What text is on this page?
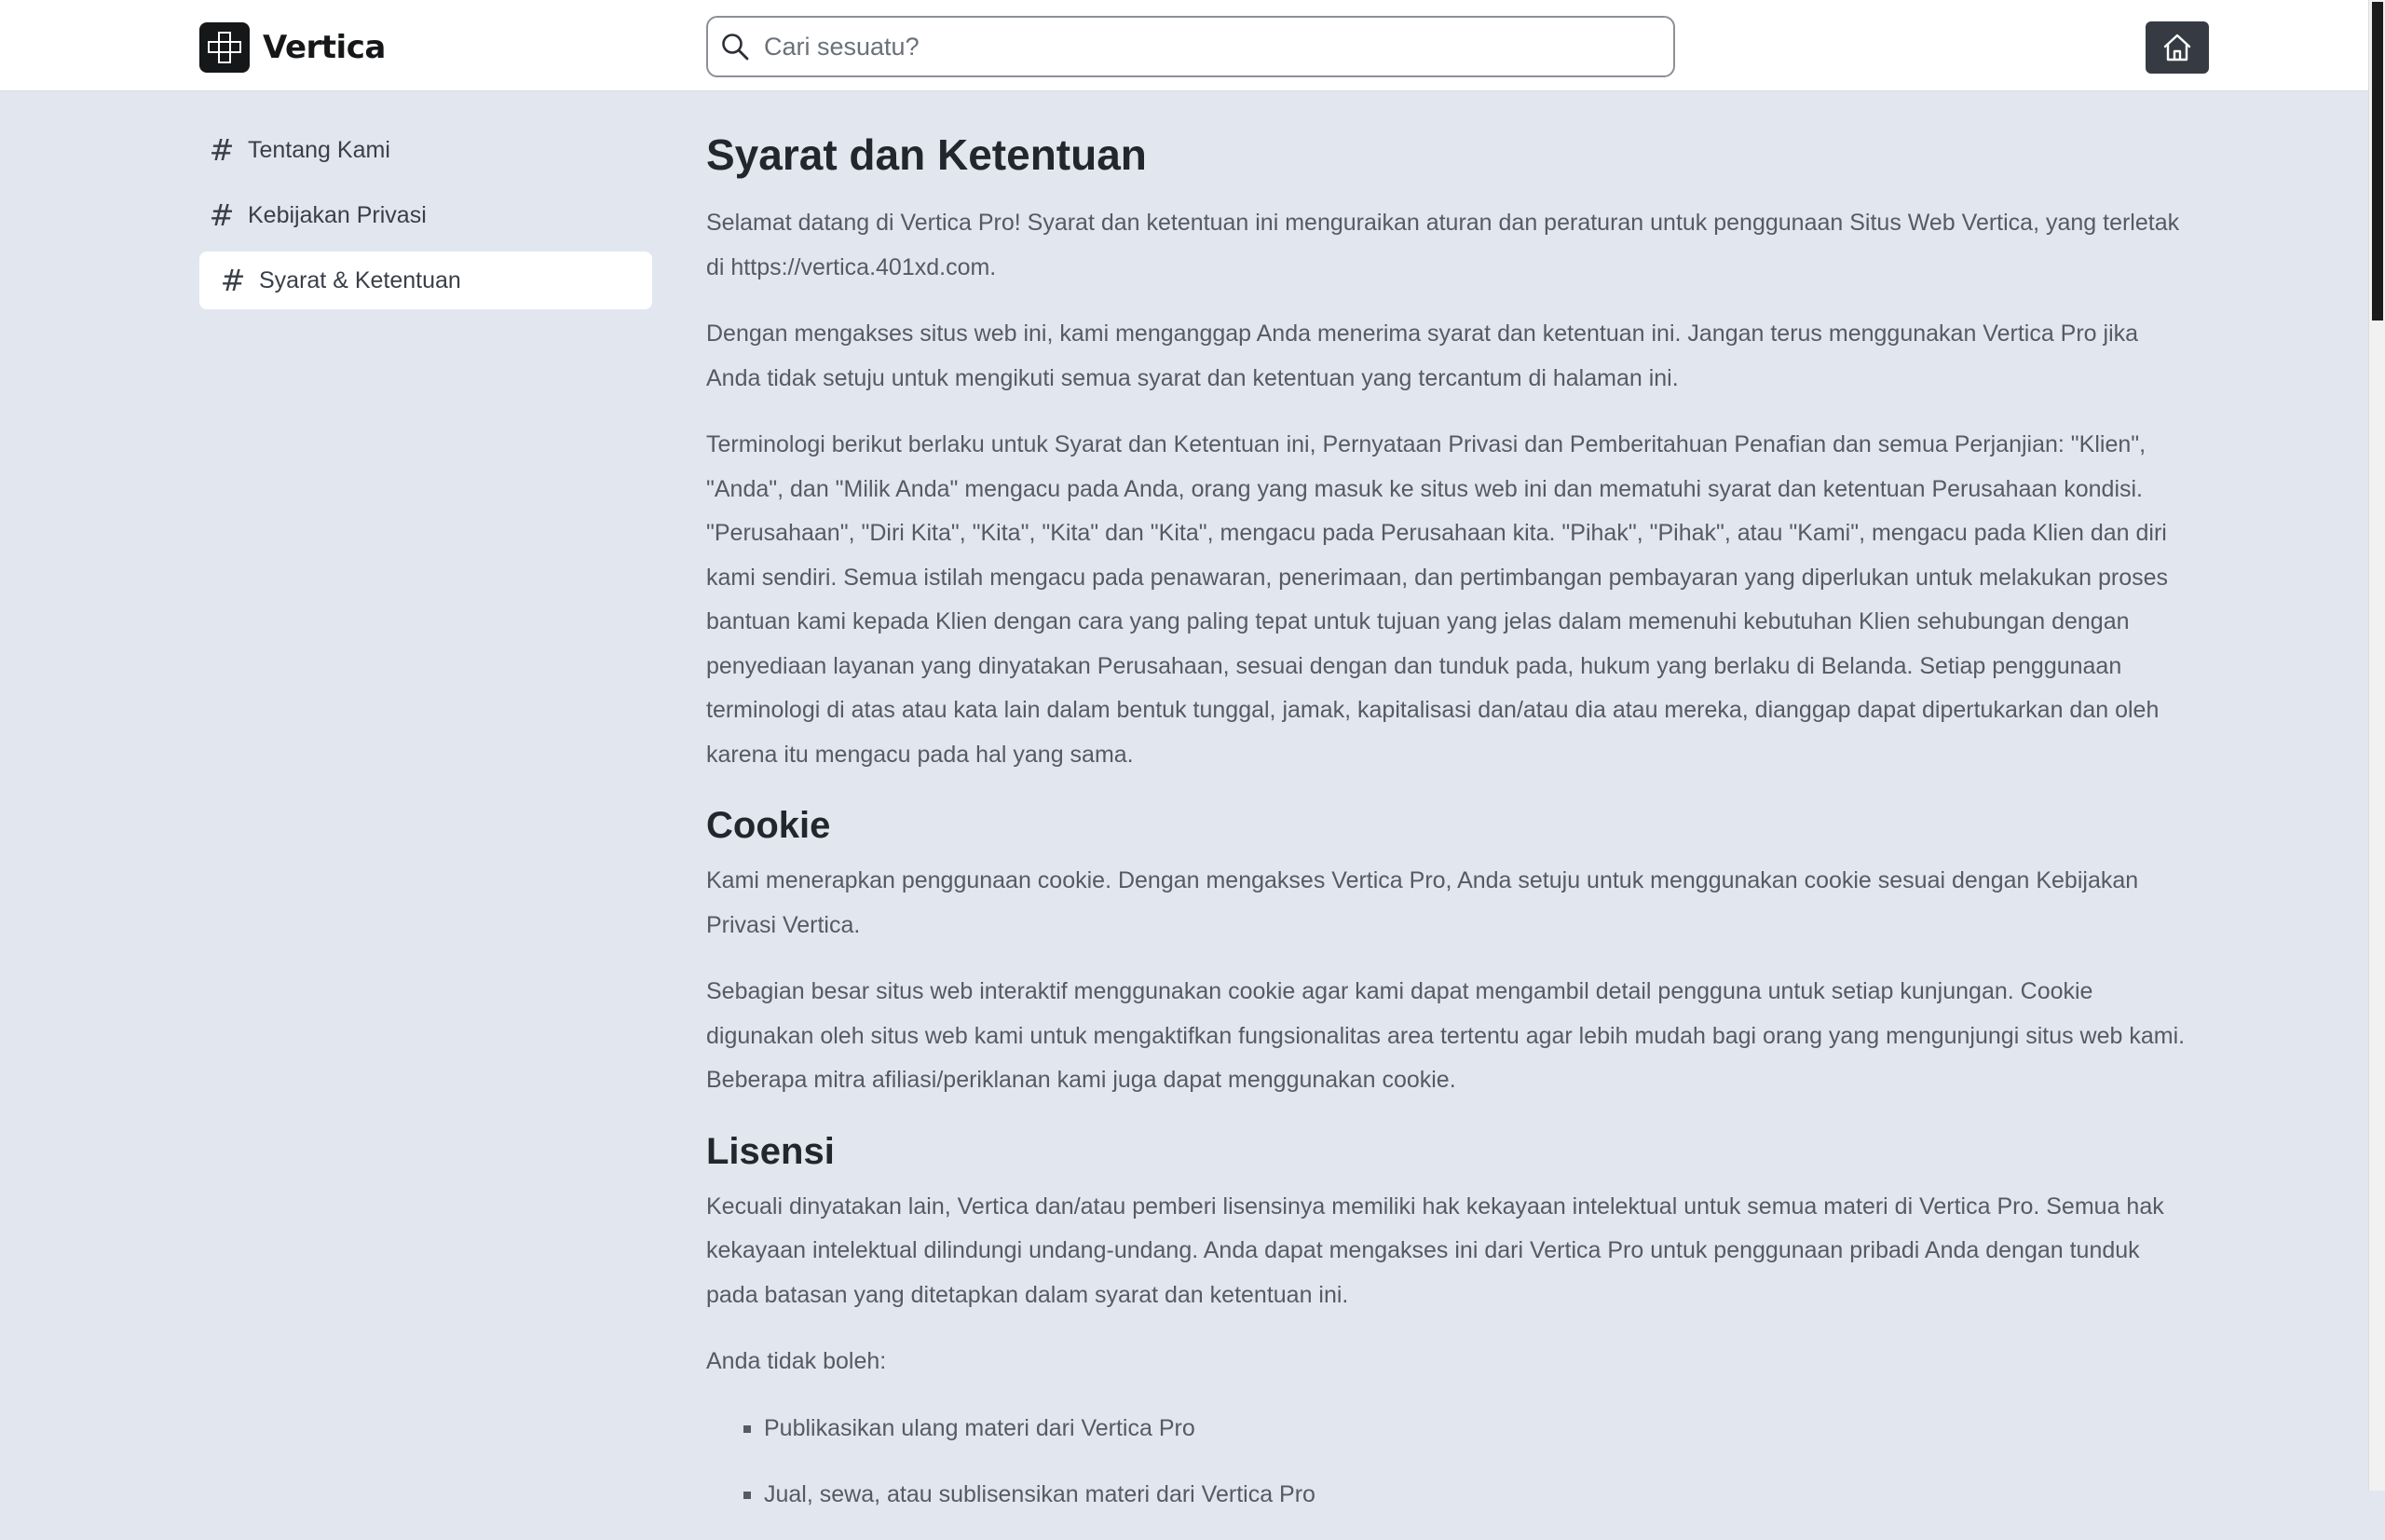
Vertica
Cari sesuatu?
# Tentang Kami
# Kebijakan Privasi
# Syarat & Ketentuan
Syarat dan Ketentuan

Selamat datang di Vertica Pro! Syarat dan ketentuan ini menguraikan aturan dan peraturan untuk penggunaan Situs Web Vertica, yang terletak di https://vertica.401xd.com.

Dengan mengakses situs web ini, kami menganggap Anda menerima syarat dan ketentuan ini. Jangan terus menggunakan Vertica Pro jika Anda tidak setuju untuk mengikuti semua syarat dan ketentuan yang tercantum di halaman ini.

Terminologi berikut berlaku untuk Syarat dan Ketentuan ini, Pernyataan Privasi dan Pemberitahuan Penafian dan semua Perjanjian: "Klien", "Anda", dan "Milik Anda" mengacu pada Anda, orang yang masuk ke situs web ini dan mematuhi syarat dan ketentuan Perusahaan kondisi. "Perusahaan", "Diri Kita", "Kita", "Kita" dan "Kita", mengacu pada Perusahaan kita. "Pihak", "Pihak", atau "Kami", mengacu pada Klien dan diri kami sendiri. Semua istilah mengacu pada penawaran, penerimaan, dan pertimbangan pembayaran yang diperlukan untuk melakukan proses bantuan kami kepada Klien dengan cara yang paling tepat untuk tujuan yang jelas dalam memenuhi kebutuhan Klien sehubungan dengan penyediaan layanan yang dinyatakan Perusahaan, sesuai dengan dan tunduk pada, hukum yang berlaku di Belanda. Setiap penggunaan terminologi di atas atau kata lain dalam bentuk tunggal, jamak, kapitalisasi dan/atau dia atau mereka, dianggap dapat dipertukarkan dan oleh karena itu mengacu pada hal yang sama.

Cookie

Kami menerapkan penggunaan cookie. Dengan mengakses Vertica Pro, Anda setuju untuk menggunakan cookie sesuai dengan Kebijakan Privasi Vertica.

Sebagian besar situs web interaktif menggunakan cookie agar kami dapat mengambil detail pengguna untuk setiap kunjungan. Cookie digunakan oleh situs web kami untuk mengaktifkan fungsionalitas area tertentu agar lebih mudah bagi orang yang mengunjungi situs web kami. Beberapa mitra afiliasi/periklanan kami juga dapat menggunakan cookie.

Lisensi

Kecuali dinyatakan lain, Vertica dan/atau pemberi lisensinya memiliki hak kekayaan intelektual untuk semua materi di Vertica Pro. Semua hak kekayaan intelektual dilindungi undang-undang. Anda dapat mengakses ini dari Vertica Pro untuk penggunaan pribadi Anda dengan tunduk pada batasan yang ditetapkan dalam syarat dan ketentuan ini.

Anda tidak boleh:

Publikasikan ulang materi dari Vertica Pro
Jual, sewa, atau sublisensikan materi dari Vertica Pro
